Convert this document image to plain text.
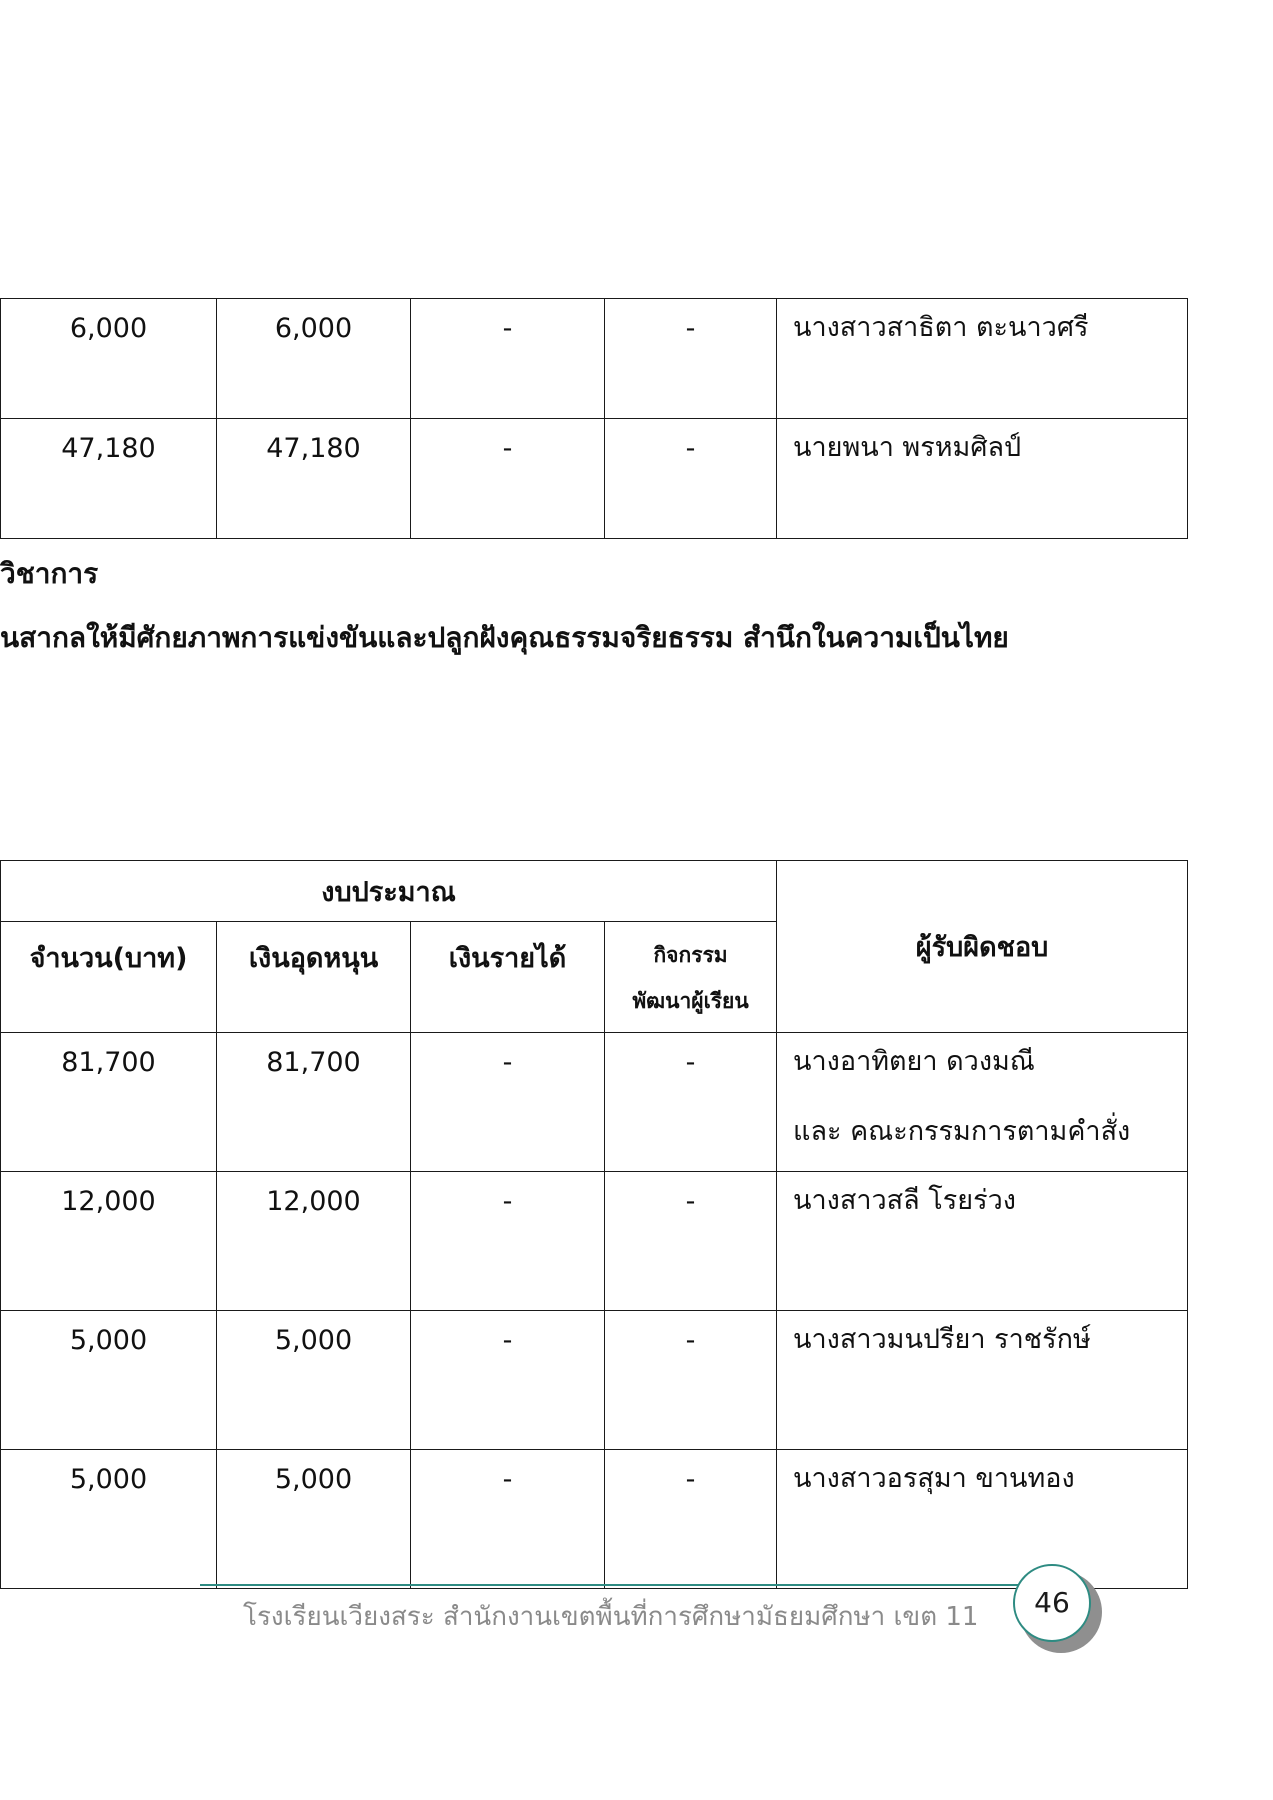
6,000	6,000	-	-	นางสาวสาธิตา ตะนาวศรี

47,180	47,180	-	-	นายพนา พรหมศิลป์
วิชาการ
นสากลให้มีศักยภาพการแข่งขันและปลูกฝังคุณธรรมจริยธรรม สำนึกในความเป็นไทย
งบประมาณ				ผู้รับผิดชอบ
จำนวน(บาท)	เงินอุดหนุน	เงินรายได้	กิจกรรม
พัฒนาผู้เรียน	
81,700	81,700	-	-	นางอาทิตยา ดวงมณี
และ คณะกรรมการตามคำสั่ง

12,000	12,000	-	-	นางสาวสลี โรยร่วง

5,000	5,000	-	-	นางสาวมนปรียา ราชรักษ์

5,000	5,000	-	-	นางสาวอรสุมา ขานทอง
โรงเรียนเวียงสระ สำนักงานเขตพื้นที่การศึกษามัธยมศึกษา เขต 11	46
